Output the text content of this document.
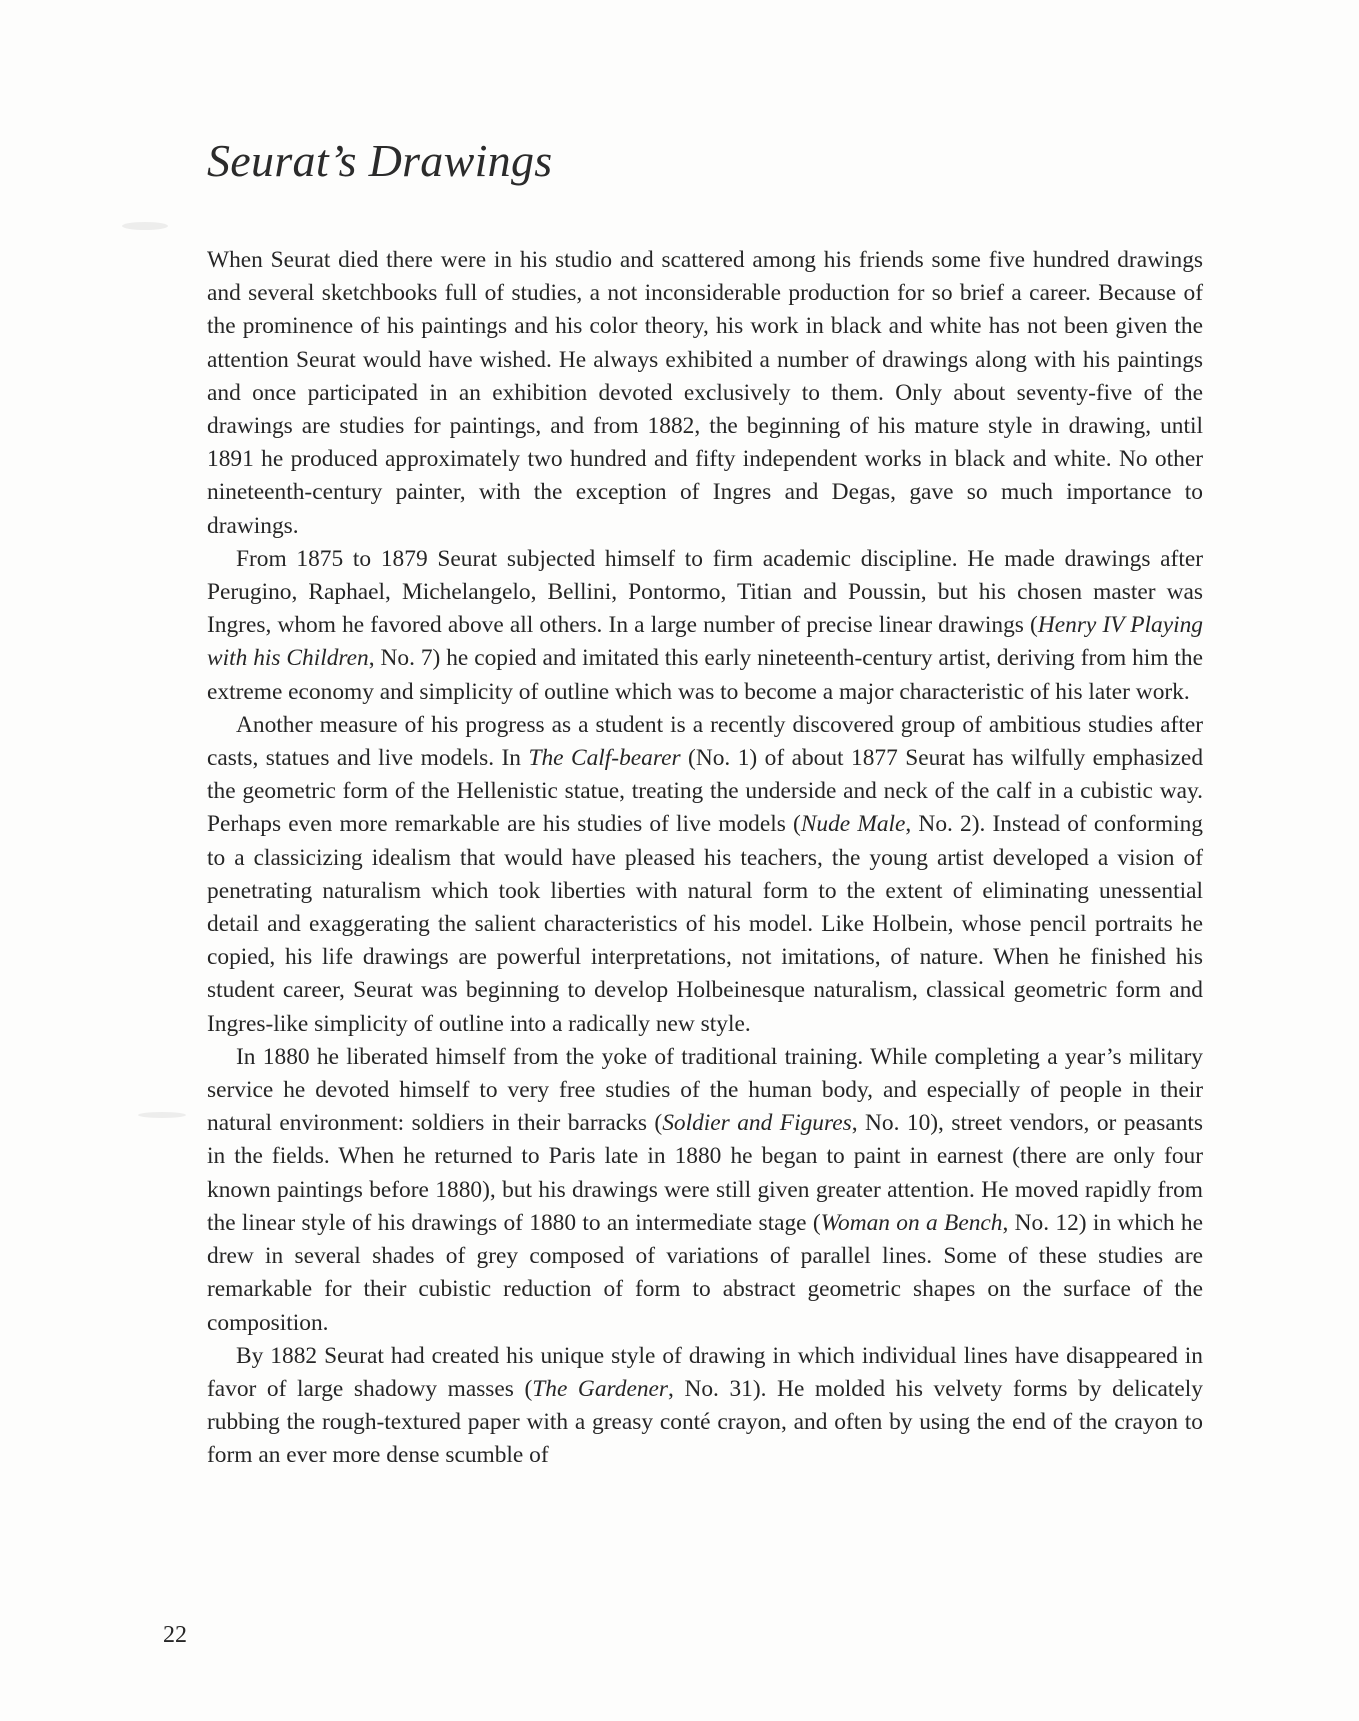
Seurat’s Drawings

When Seurat died there were in his studio and scattered among his friends some five hundred drawings and several sketchbooks full of studies, a not inconsiderable production for so brief a career. Because of the prominence of his paintings and his color theory, his work in black and white has not been given the attention Seurat would have wished. He always exhibited a number of drawings along with his paintings and once participated in an exhibition devoted exclusively to them. Only about seventy-five of the drawings are studies for paintings, and from 1882, the beginning of his mature style in drawing, until 1891 he produced approximately two hundred and fifty independent works in black and white. No other nineteenth-century painter, with the exception of Ingres and Degas, gave so much importance to drawings.

From 1875 to 1879 Seurat subjected himself to firm academic discipline. He made drawings after Perugino, Raphael, Michelangelo, Bellini, Pontormo, Titian and Poussin, but his chosen master was Ingres, whom he favored above all others. In a large number of precise linear drawings (Henry IV Playing with his Children, No. 7) he copied and imitated this early nineteenth-century artist, deriving from him the extreme economy and simplicity of outline which was to become a major characteristic of his later work.

Another measure of his progress as a student is a recently discovered group of ambitious studies after casts, statues and live models. In The Calf-bearer (No. 1) of about 1877 Seurat has wilfully emphasized the geometric form of the Hellenistic statue, treating the underside and neck of the calf in a cubistic way. Perhaps even more remarkable are his studies of live models (Nude Male, No. 2). Instead of conforming to a classicizing idealism that would have pleased his teachers, the young artist developed a vision of penetrating naturalism which took liberties with natural form to the extent of eliminating unessential detail and exaggerating the salient characteristics of his model. Like Holbein, whose pencil portraits he copied, his life drawings are powerful interpretations, not imitations, of nature. When he finished his student career, Seurat was beginning to develop Holbeinesque naturalism, classical geometric form and Ingres-like simplicity of outline into a radically new style.

In 1880 he liberated himself from the yoke of traditional training. While completing a year’s military service he devoted himself to very free studies of the human body, and especially of people in their natural environment: soldiers in their barracks (Soldier and Figures, No. 10), street vendors, or peasants in the fields. When he returned to Paris late in 1880 he began to paint in earnest (there are only four known paintings before 1880), but his drawings were still given greater attention. He moved rapidly from the linear style of his drawings of 1880 to an intermediate stage (Woman on a Bench, No. 12) in which he drew in several shades of grey composed of variations of parallel lines. Some of these studies are remarkable for their cubistic reduction of form to abstract geometric shapes on the surface of the composition.

By 1882 Seurat had created his unique style of drawing in which individual lines have disappeared in favor of large shadowy masses (The Gardener, No. 31). He molded his velvety forms by delicately rubbing the rough-textured paper with a greasy conté crayon, and often by using the end of the crayon to form an ever more dense scumble of

22
